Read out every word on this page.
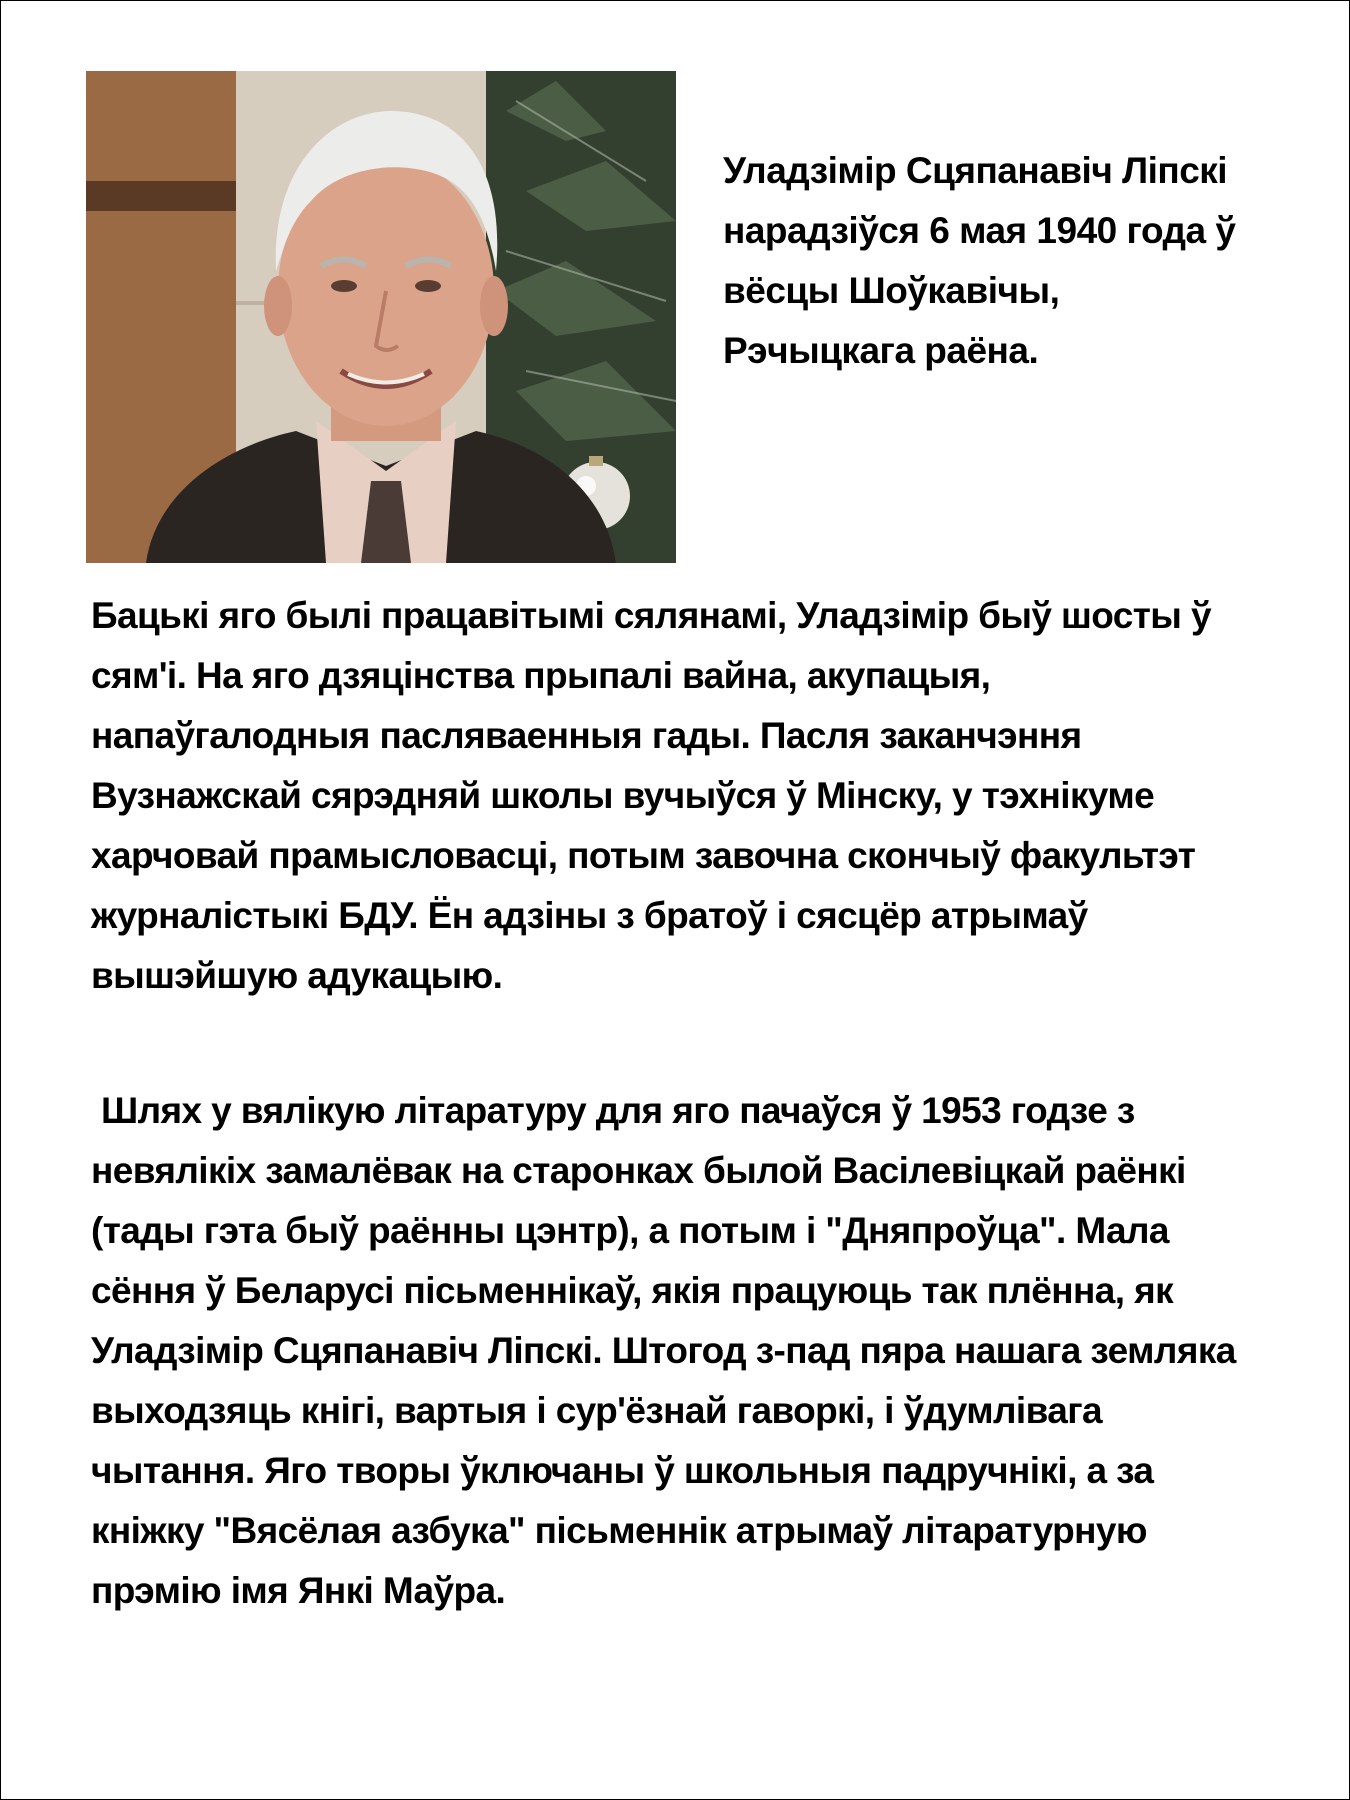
Уладзімір Сцяпанавіч Ліпскі нарадзіўся 6 мая 1940 года ў вёсцы Шоўкавічы, Рэчыцкага раёна.

Бацькі яго былі працавітымі сялянамі, Уладзімір быў шосты ў сям'і. На яго дзяцінства прыпалі вайна, акупацыя, напаўгалодныя пасляваенныя гады. Пасля заканчэння Вузнажскай сярэдняй школы вучыўся ў Мінску, у тэхнікуме харчовай прамысловасці, потым завочна скончыў факультэт журналістыкі БДУ. Ён адзіны з братоў і сясцёр атрымаў вышэйшую адукацыю.

Шлях у вялікую літаратуру для яго пачаўся ў 1953 годзе з невялікіх замалёвак на старонках былой Васілевіцкай раёнкі (тады гэта быў раённы цэнтр), а потым і "Дняпроўца". Мала сёння ў Беларусі пісьменнікаў, якія працуюць так плённа, як Уладзімір Сцяпанавіч Ліпскі. Штогод з-пад пяра нашага земляка выходзяць кнігі, вартыя і сур'ёзнай гаворкі, і ўдумлівага чытання. Яго творы ўключаны ў школьныя падручнікі, а за кніжку "Вясёлая азбука" пісьменнік атрымаў літаратурную прэмію імя Янкі Маўра.
